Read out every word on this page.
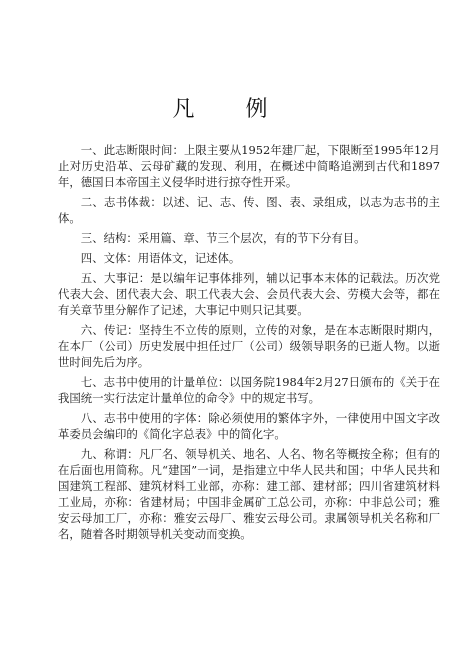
凡 例

一、此志断限时间：上限主要从1952年建厂起，下限断至1995年12月止对历史沿革、云母矿藏的发现、利用，在概述中简略追溯到古代和1897年，德国日本帝国主义侵华时进行掠夺性开采。

二、志书体裁：以述、记、志、传、图、表、录组成，以志为志书的主体。

三、结构：采用篇、章、节三个层次，有的节下分有目。

四、文体：用语体文，记述体。

五、大事记：是以编年记事体排列，辅以记事本末体的记载法。历次党代表大会、团代表大会、职工代表大会、会员代表大会、劳模大会等，都在有关章节里分解作了记述，大事记中则只记其要。

六、传记：坚持生不立传的原则，立传的对象，是在本志断限时期内，在本厂（公司）历史发展中担任过厂（公司）级领导职务的已逝人物。以逝世时间先后为序。

七、志书中使用的计量单位：以国务院1984年2月27日颁布的《关于在我国统一实行法定计量单位的命令》中的规定书写。

八、志书中使用的字体：除必须使用的繁体字外，一律使用中国文字改革委员会编印的《简化字总表》中的简化字。

九、称谓：凡厂名、领导机关、地名、人名、物名等概按全称；但有的在后面也用简称。凡“建国”一词，是指建立中华人民共和国；中华人民共和国建筑工程部、建筑材料工业部，亦称：建工部、建材部；四川省建筑材料工业局，亦称：省建材局；中国非金属矿工总公司，亦称：中非总公司；雅安云母加工厂，亦称：雅安云母厂、雅安云母公司。隶属领导机关名称和厂名，随着各时期领导机关变动而变换。
